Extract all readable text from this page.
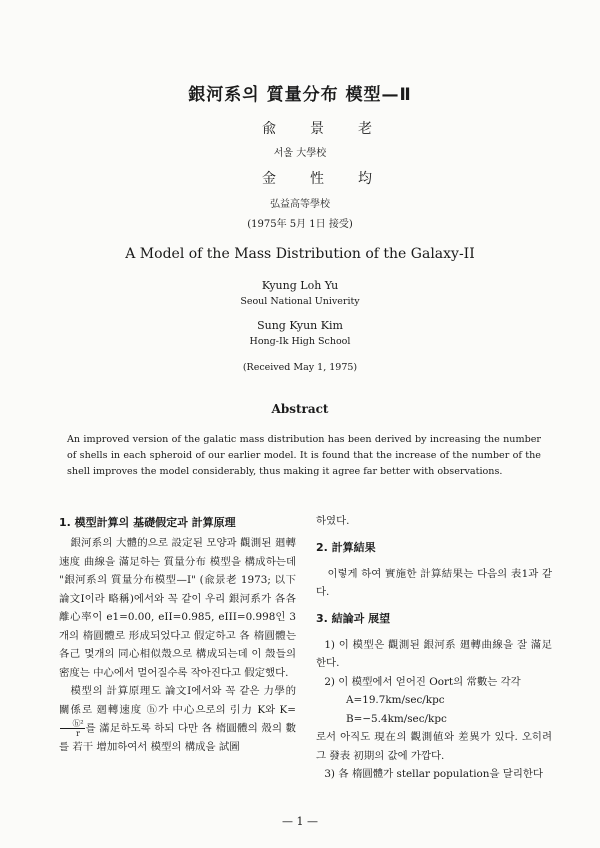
銀河系의 質量分布 模型—Ⅱ
兪景老
서울 大學校
金性均
弘益高等學校
(1975年 5月 1日 接受)
A Model of the Mass Distribution of the Galaxy-II
Kyung Loh Yu
Seoul National Univerity
Sung Kyun Kim
Hong-Ik High School
(Received May 1, 1975)
Abstract
An improved version of the galatic mass distribution has been derived by increasing the number of shells in each spheroid of our earlier model. It is found that the increase of the number of the shell improves the model considerably, thus making it agree far better with observations.

1. 模型計算의 基礎假定과 計算原理

銀河系의 大體的으로 設定된 모양과 觀測된 廻轉速度 曲線을 滿足하는 質量分布 模型을 構成하는데 "銀河系의 質量分布模型—I" (兪景老 1973; 以下 論文I이라 略稱)에서와 꼭 같이 우리 銀河系가 各各 離心率이 e1=0.00, eII=0.985, eIII=0.998인 3개의 楕圓體로 形成되었다고 假定하고 各 楕圓體는 各己 몇개의 同心相似殼으로 構成되는데 이 殼들의 密度는 中心에서 멀어질수록 작아진다고 假定했다.

模型의 計算原理도 論文I에서와 꼭 같은 力學的關係로 廻轉速度 ⓗ가 中心으로의 引力 K와 K=
ⓗ²
r 를 滿足하도록 하되 다만 各 楕圓體의 殼의 數를 若干 增加하여서 模型의 構成을 試圖

하였다.

2. 計算結果

이렇게 하여 實施한 計算結果는 다음의 表1과 같다.

3. 結論과 展望

1) 이 模型은 觀測된 銀河系 廻轉曲線을 잘 滿足한다.

2) 이 模型에서 얻어진 Oort의 常數는 각각

A=19.7km/sec/kpc

B=−5.4km/sec/kpc

로서 아직도 現在의 觀測値와 差異가 있다. 오히려 그 發表 初期의 값에 가깝다.

3) 各 楕圓體가 stellar population을 달리한다

— 1 —
